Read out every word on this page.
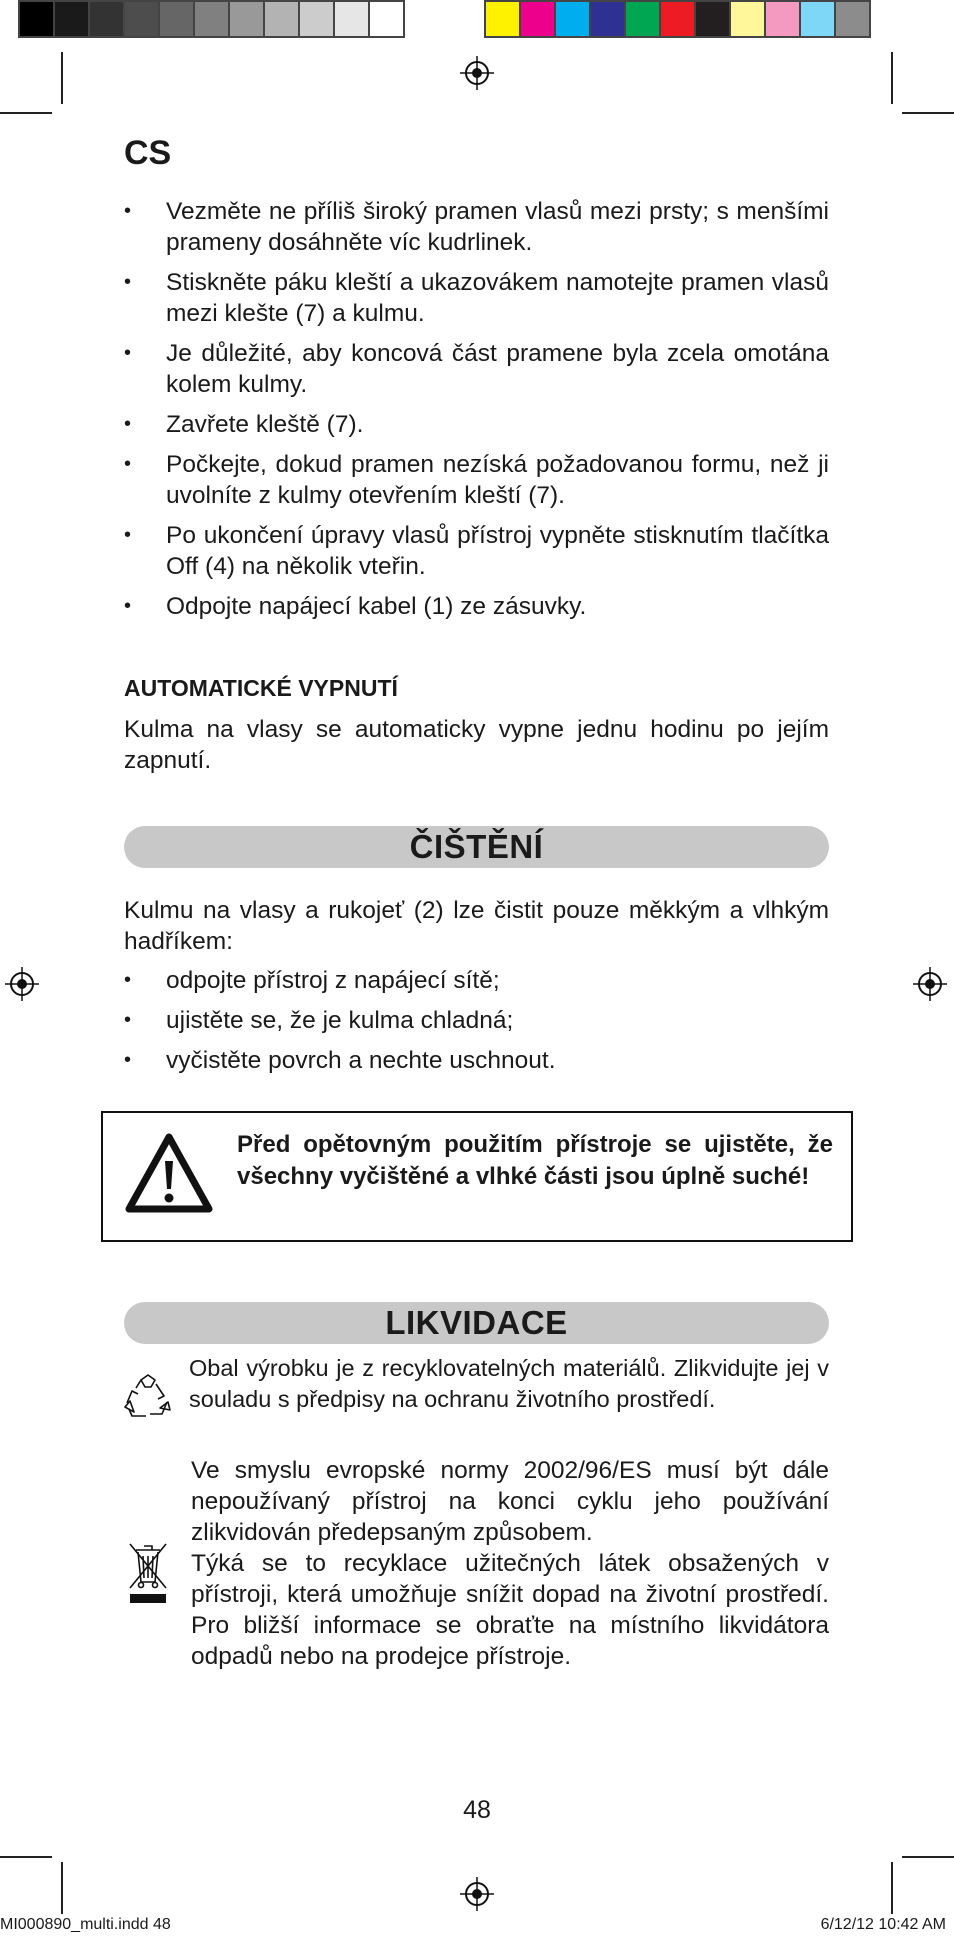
CS
• Vezměte ne příliš široký pramen vlasů mezi prsty; s menšími prameny dosáhněte víc kudrlinek.
• Stiskněte páku kleští a ukazovákem namotejte pramen vlasů mezi klešte (7) a kulmu.
• Je důležité, aby koncová část pramene byla zcela omotána kolem kulmy.
• Zavřete kleště (7).
• Počkejte, dokud pramen nezíská požadovanou formu, než ji uvolníte z kulmy otevřením kleští (7).
• Po ukončení úpravy vlasů přístroj vypněte stisknutím tlačítka Off (4) na několik vteřin.
• Odpojte napájecí kabel (1) ze zásuvky.

AUTOMATICKÉ VYPNUTÍ

Kulma na vlasy se automaticky vypne jednu hodinu po jejím zapnutí.

ČIŠTĚNÍ

Kulmu na vlasy a rukojeť (2) lze čistit pouze měkkým a vlhkým hadříkem:

• odpojte přístroj z napájecí sítě;
• ujistěte se, že je kulma chladná;
• vyčistěte povrch a nechte uschnout.
Před opětovným použitím přístroje se ujistěte, že všechny vyčištěné a vlhké části jsou úplně suché!
LIKVIDACE

Obal výrobku je z recyklovatelných materiálů. Zlikvidujte jej v souladu s předpisy na ochranu životního prostředí.

Ve smyslu evropské normy 2002/96/ES musí být dále nepoužívaný přístroj na konci cyklu jeho používání zlikvidován předepsaným způsobem.

Týká se to recyklace užitečných látek obsažených v přístroji, která umožňuje snížit dopad na životní prostředí. Pro bližší informace se obraťte na místního likvidátora odpadů nebo na prodejce přístroje.

48
MI000890_multi.indd 48	6/12/12 10:42 AM
